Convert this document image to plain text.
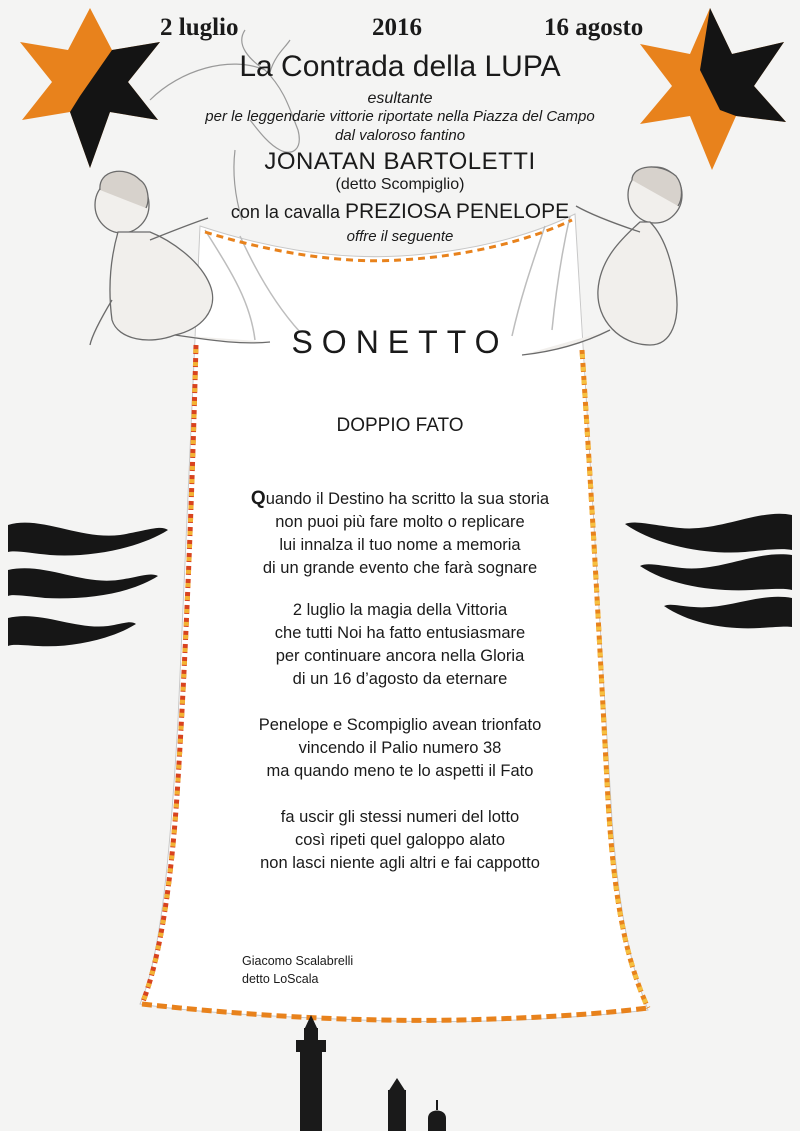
2 luglio	2016	16 agosto
La Contrada della LUPA
esultante
per le leggendarie vittorie riportate nella Piazza del Campo
dal valoroso fantino
JONATAN BARTOLETTI
(detto Scompiglio)
con la cavalla PREZIOSA PENELOPE
offre il seguente
SONETTO
DOPPIO FATO
Quando il Destino ha scritto la sua storia
non puoi più fare molto o replicare
lui innalza il tuo nome a memoria
di un grande evento che farà sognare
2 luglio la magia della Vittoria
che tutti Noi ha fatto entusiasmare
per continuare ancora nella Gloria
di un 16 d’agosto da eternare
Penelope e Scompiglio avean trionfato
vincendo il Palio numero 38
ma quando meno te lo aspetti il Fato
fa uscir gli stessi numeri del lotto
così ripeti quel galoppo alato
non lasci niente agli altri e fai cappotto
Giacomo Scalabrelli
detto LoScala
